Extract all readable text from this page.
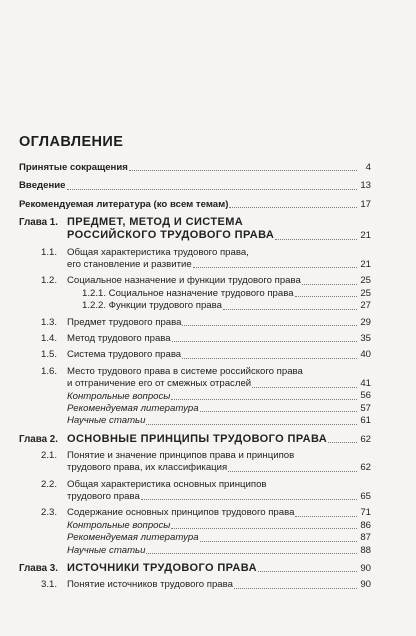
ОГЛАВЛЕНИЕ
Принятые сокращения	4
Введение	13
Рекомендуемая литература (ко всем темам)	17
Глава 1. ПРЕДМЕТ, МЕТОД И СИСТЕМА
РОССИЙСКОГО ТРУДОВОГО ПРАВА	21
1.1. Общая характеристика трудового права,
его становление и развитие	21
1.2. Социальное назначение и функции трудового права	25
1.2.1. Социальное назначение трудового права	25
1.2.2. Функции трудового права	27
1.3. Предмет трудового права	29
1.4. Метод трудового права	35
1.5. Система трудового права	40
1.6. Место трудового права в системе российского права
и отграничение его от смежных отраслей	41
Контрольные вопросы	56
Рекомендуемая литература	57
Научные статьи	61
Глава 2. ОСНОВНЫЕ ПРИНЦИПЫ ТРУДОВОГО ПРАВА	62
2.1. Понятие и значение принципов права и принципов
трудового права, их классификация	62
2.2. Общая характеристика основных принципов
трудового права	65
2.3. Содержание основных принципов трудового права	71
Контрольные вопросы	86
Рекомендуемая литература	87
Научные статьи	88
Глава 3. ИСТОЧНИКИ ТРУДОВОГО ПРАВА	90
3.1. Понятие источников трудового права	90
